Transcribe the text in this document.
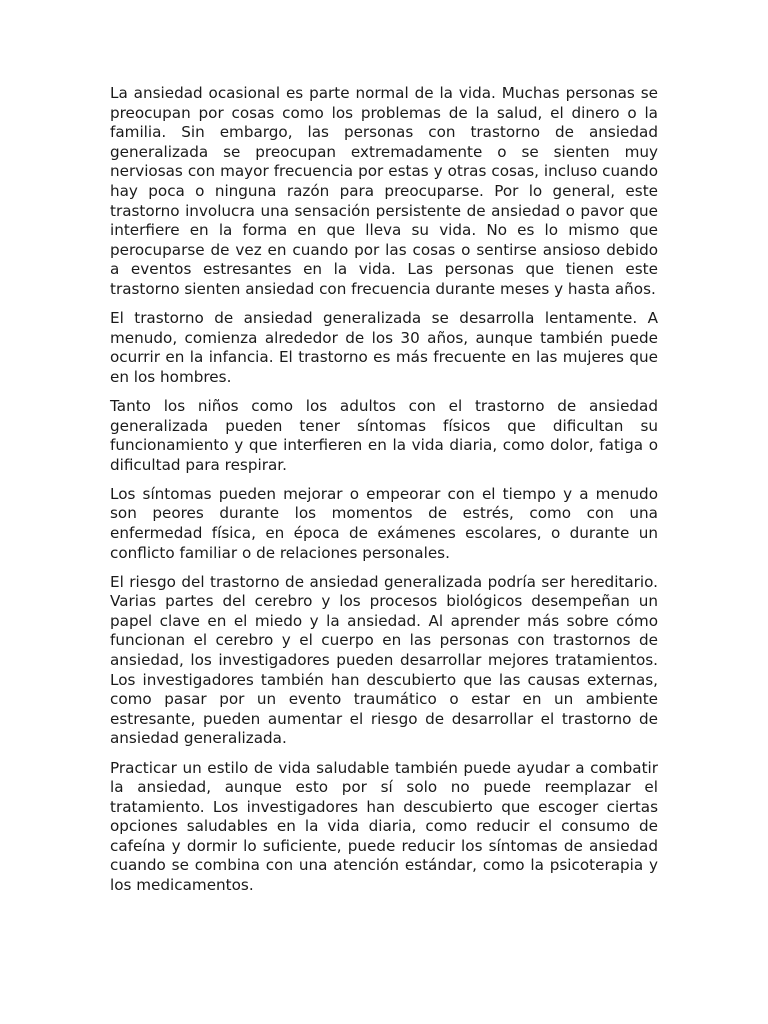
La ansiedad ocasional es parte normal de la vida. Muchas personas se preocupan por cosas como los problemas de la salud, el dinero o la familia. Sin embargo, las personas con trastorno de ansiedad generalizada se preocupan extremadamente o se sienten muy nerviosas con mayor frecuencia por estas y otras cosas, incluso cuando hay poca o ninguna razón para preocuparse. Por lo general, este trastorno involucra una sensación persistente de ansiedad o pavor que interfiere en la forma en que lleva su vida. No es lo mismo que perocuparse de vez en cuando por las cosas o sentirse ansioso debido a eventos estresantes en la vida. Las personas que tienen este trastorno sienten ansiedad con frecuencia durante meses y hasta años.

El trastorno de ansiedad generalizada se desarrolla lentamente. A menudo, comienza alrededor de los 30 años, aunque también puede ocurrir en la infancia. El trastorno es más frecuente en las mujeres que en los hombres.

Tanto los niños como los adultos con el trastorno de ansiedad generalizada pueden tener síntomas físicos que dificultan su funcionamiento y que interfieren en la vida diaria, como dolor, fatiga o dificultad para respirar.

Los síntomas pueden mejorar o empeorar con el tiempo y a menudo son peores durante los momentos de estrés, como con una enfermedad física, en época de exámenes escolares, o durante un conflicto familiar o de relaciones personales.

El riesgo del trastorno de ansiedad generalizada podría ser hereditario. Varias partes del cerebro y los procesos biológicos desempeñan un papel clave en el miedo y la ansiedad. Al aprender más sobre cómo funcionan el cerebro y el cuerpo en las personas con trastornos de ansiedad, los investigadores pueden desarrollar mejores tratamientos. Los investigadores también han descubierto que las causas externas, como pasar por un evento traumático o estar en un ambiente estresante, pueden aumentar el riesgo de desarrollar el trastorno de ansiedad generalizada.

Practicar un estilo de vida saludable también puede ayudar a combatir la ansiedad, aunque esto por sí solo no puede reemplazar el tratamiento. Los investigadores han descubierto que escoger ciertas opciones saludables en la vida diaria, como reducir el consumo de cafeína y dormir lo suficiente, puede reducir los síntomas de ansiedad cuando se combina con una atención estándar, como la psicoterapia y los medicamentos.
